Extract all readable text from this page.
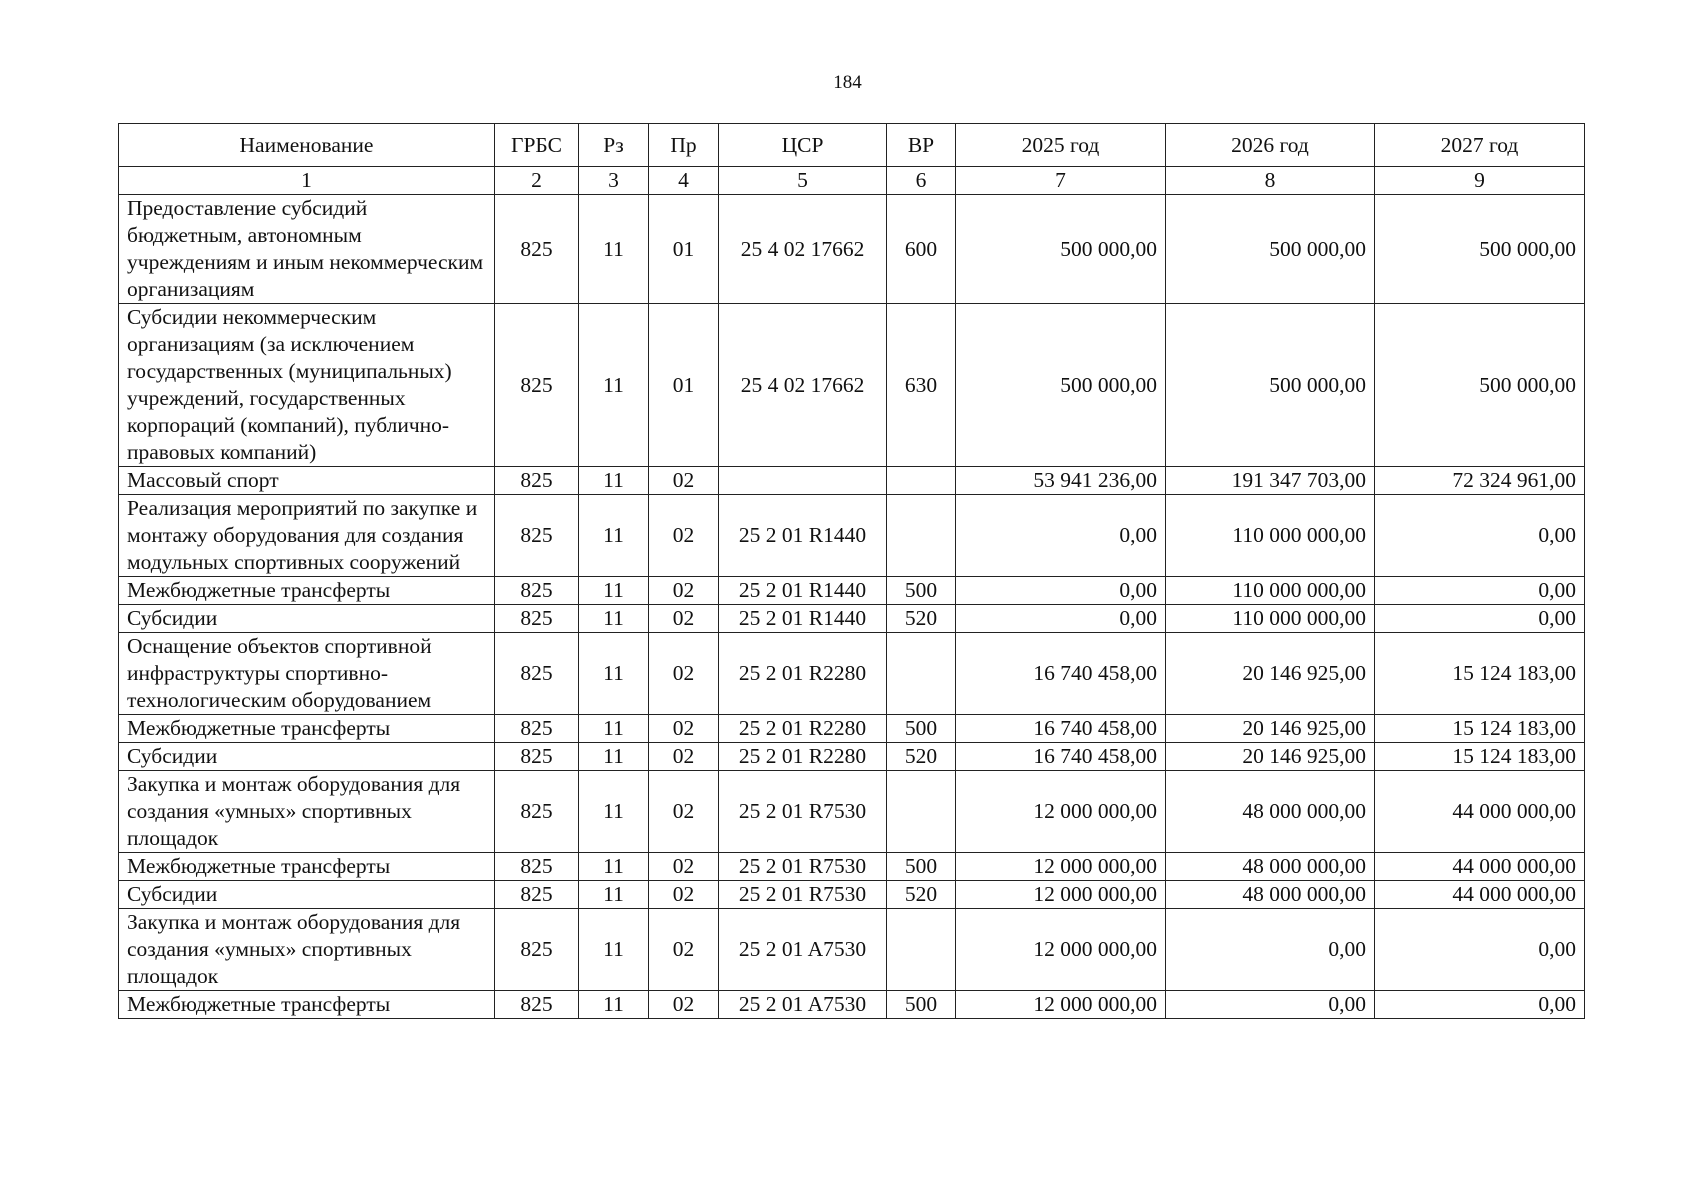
184
Наименование	ГРБС	Рз	Пр	ЦСР	ВР	2025 год	2026 год	2027 год
1	2	3	4	5	6	7	8	9
Предоставление субсидий бюджетным, автономным учреждениям и иным некоммерческим организациям	825	11	01	25 4 02 17662	600	500 000,00	500 000,00	500 000,00
Субсидии некоммерческим организациям (за исключением государственных (муниципальных) учреждений, государственных корпораций (компаний), публично-правовых компаний)	825	11	01	25 4 02 17662	630	500 000,00	500 000,00	500 000,00
Массовый спорт	825	11	02			53 941 236,00	191 347 703,00	72 324 961,00
Реализация мероприятий по закупке и монтажу оборудования для создания модульных спортивных сооружений	825	11	02	25 2 01 R1440		0,00	110 000 000,00	0,00
Межбюджетные трансферты	825	11	02	25 2 01 R1440	500	0,00	110 000 000,00	0,00
Субсидии	825	11	02	25 2 01 R1440	520	0,00	110 000 000,00	0,00
Оснащение объектов спортивной инфраструктуры спортивно-технологическим оборудованием	825	11	02	25 2 01 R2280		16 740 458,00	20 146 925,00	15 124 183,00
Межбюджетные трансферты	825	11	02	25 2 01 R2280	500	16 740 458,00	20 146 925,00	15 124 183,00
Субсидии	825	11	02	25 2 01 R2280	520	16 740 458,00	20 146 925,00	15 124 183,00
Закупка и монтаж оборудования для создания «умных» спортивных площадок	825	11	02	25 2 01 R7530		12 000 000,00	48 000 000,00	44 000 000,00
Межбюджетные трансферты	825	11	02	25 2 01 R7530	500	12 000 000,00	48 000 000,00	44 000 000,00
Субсидии	825	11	02	25 2 01 R7530	520	12 000 000,00	48 000 000,00	44 000 000,00
Закупка и монтаж оборудования для создания «умных» спортивных площадок	825	11	02	25 2 01 A7530		12 000 000,00	0,00	0,00
Межбюджетные трансферты	825	11	02	25 2 01 A7530	500	12 000 000,00	0,00	0,00
